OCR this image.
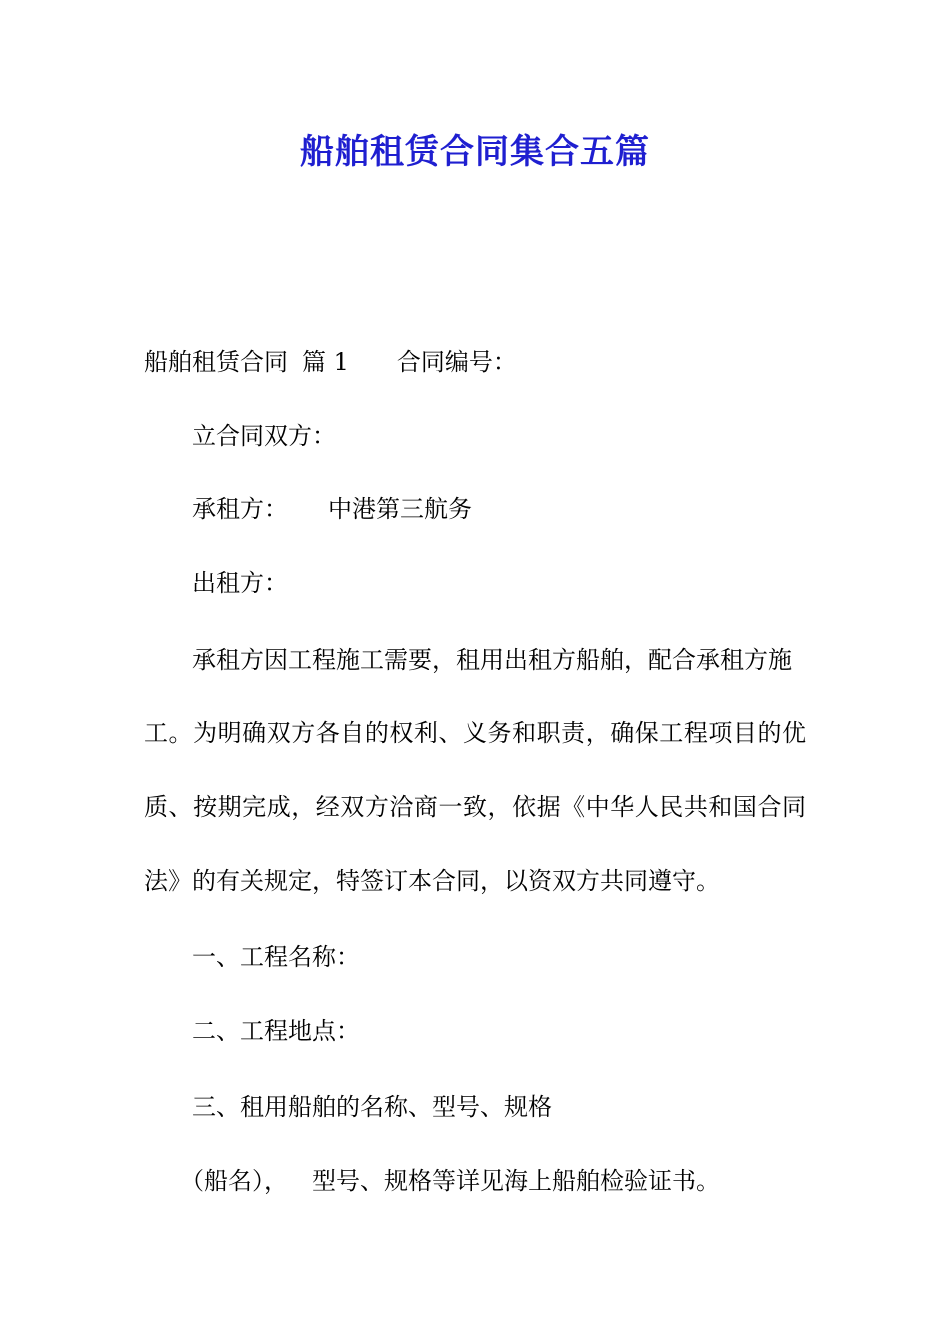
船舶租赁合同集合五篇
船舶租赁合同 篇 1 合同编号：
立合同双方：
承租方： 中港第三航务
出租方：
承租方因工程施工需要，租用出租方船舶，配合承租方施
工。为明确双方各自的权利、义务和职责，确保工程项目的优
质、按期完成，经双方洽商一致，依据《中华人民共和国合同
法》的有关规定，特签订本合同，以资双方共同遵守。
一、工程名称：
二、工程地点：
三、租用船舶的名称、型号、规格
（船名）， 型号、规格等详见海上船舶检验证书。
